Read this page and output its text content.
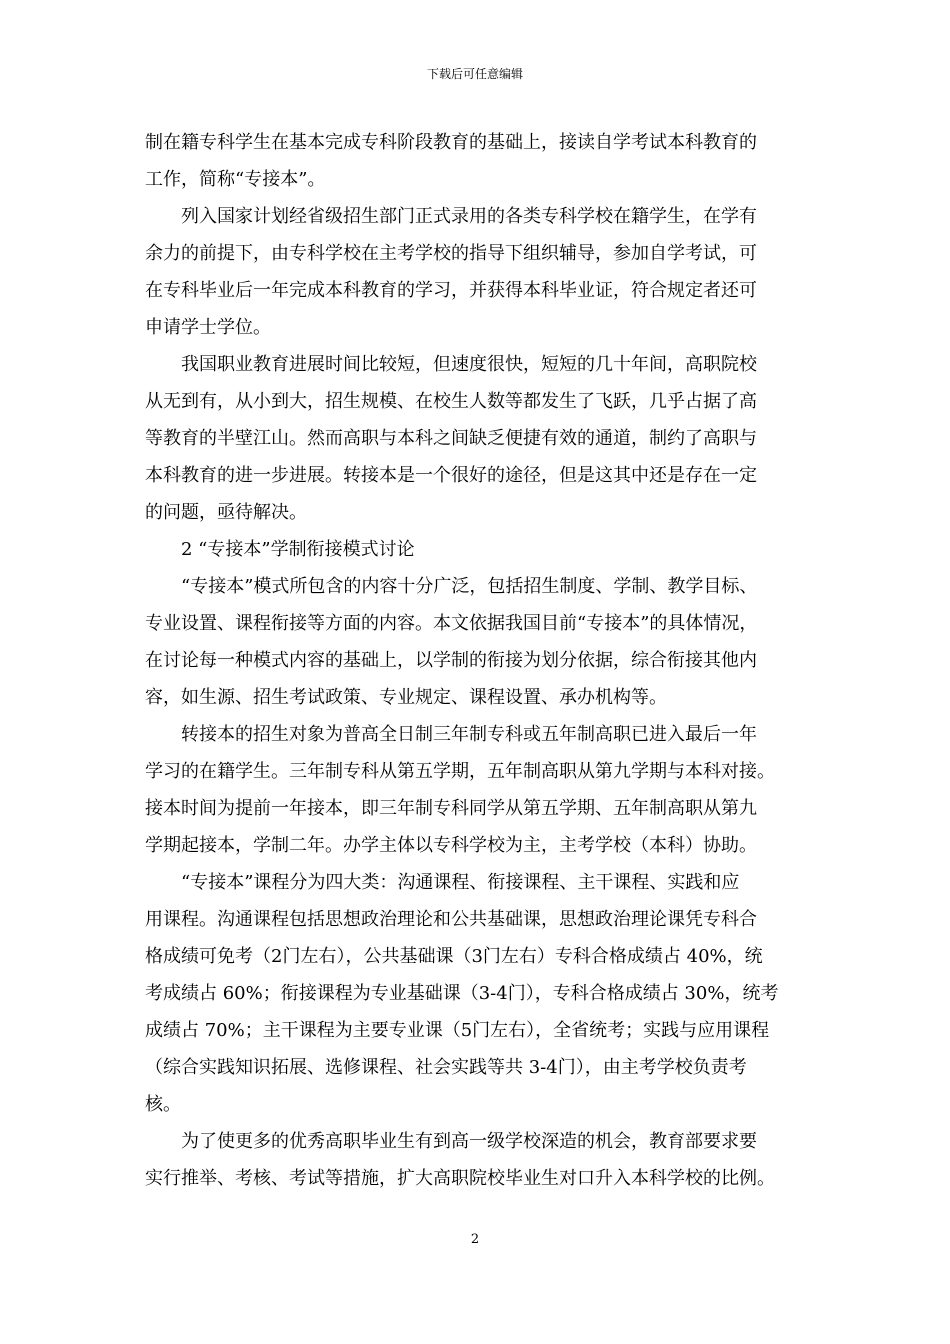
下载后可任意编辑
制在籍专科学生在基本完成专科阶段教育的基础上，接读自学考试本科教育的
工作，简称“专接本”。
列入国家计划经省级招生部门正式录用的各类专科学校在籍学生，在学有
余力的前提下，由专科学校在主考学校的指导下组织辅导，参加自学考试，可
在专科毕业后一年完成本科教育的学习，并获得本科毕业证，符合规定者还可
申请学士学位。
我国职业教育进展时间比较短，但速度很快，短短的几十年间，高职院校
从无到有，从小到大，招生规模、在校生人数等都发生了飞跃，几乎占据了高
等教育的半壁江山。然而高职与本科之间缺乏便捷有效的通道，制约了高职与
本科教育的进一步进展。转接本是一个很好的途径，但是这其中还是存在一定
的问题，亟待解决。
2 “专接本”学制衔接模式讨论
“专接本”模式所包含的内容十分广泛，包括招生制度、学制、教学目标、
专业设置、课程衔接等方面的内容。本文依据我国目前“专接本”的具体情况，
在讨论每一种模式内容的基础上，以学制的衔接为划分依据，综合衔接其他内
容，如生源、招生考试政策、专业规定、课程设置、承办机构等。
转接本的招生对象为普高全日制三年制专科或五年制高职已进入最后一年
学习的在籍学生。三年制专科从第五学期，五年制高职从第九学期与本科对接。
接本时间为提前一年接本，即三年制专科同学从第五学期、五年制高职从第九
学期起接本，学制二年。办学主体以专科学校为主，主考学校（本科）协助。
“专接本”课程分为四大类：沟通课程、衔接课程、主干课程、实践和应
用课程。沟通课程包括思想政治理论和公共基础课，思想政治理论课凭专科合
格成绩可免考（2门左右），公共基础课（3门左右）专科合格成绩占 40%，统
考成绩占 60%；衔接课程为专业基础课（3-4门），专科合格成绩占 30%，统考
成绩占 70%；主干课程为主要专业课（5门左右），全省统考；实践与应用课程
（综合实践知识拓展、选修课程、社会实践等共 3-4门），由主考学校负责考
核。
为了使更多的优秀高职毕业生有到高一级学校深造的机会，教育部要求要
实行推举、考核、考试等措施，扩大高职院校毕业生对口升入本科学校的比例。
2
